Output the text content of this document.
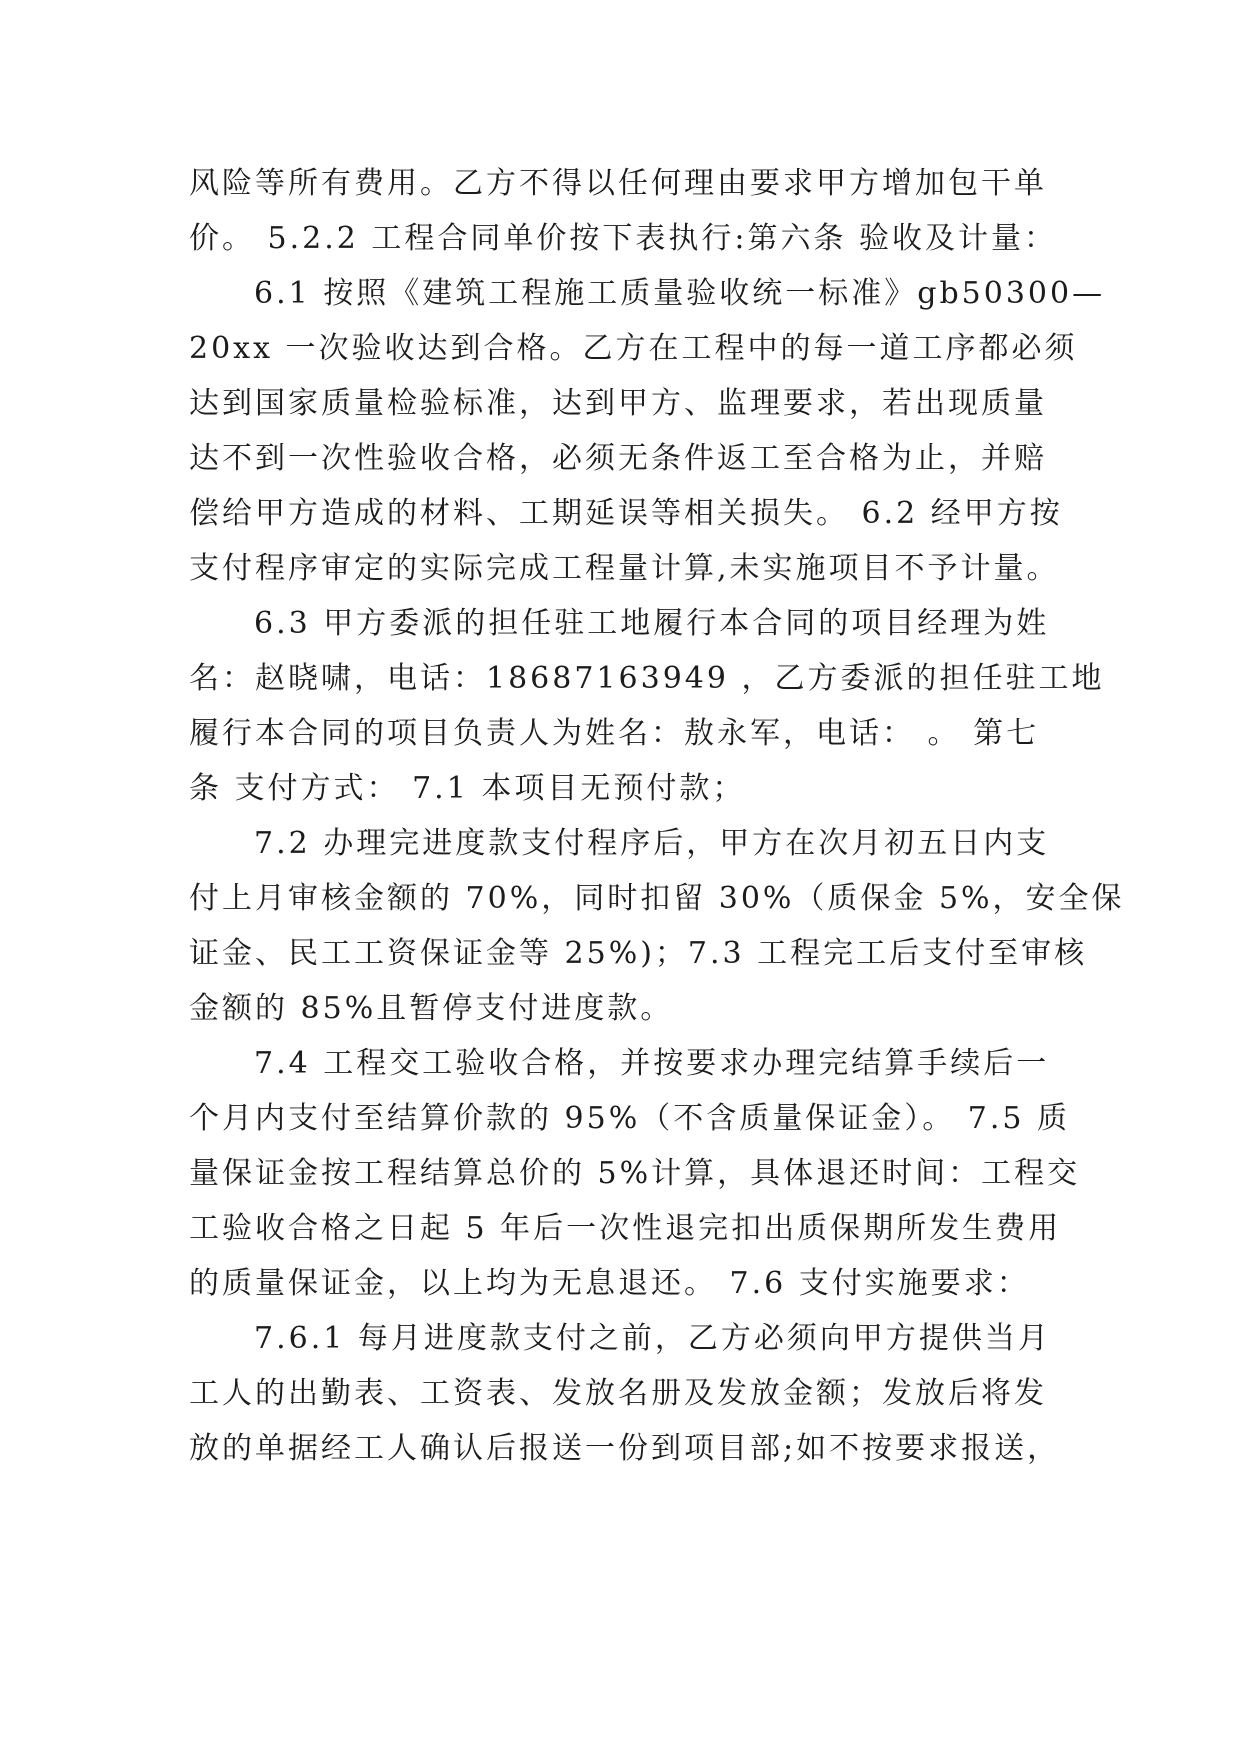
风险等所有费用。乙方不得以任何理由要求甲方增加包干单
价。 5.2.2 工程合同单价按下表执行:第六条 验收及计量：
6.1 按照《建筑工程施工质量验收统一标准》gb50300—
20xx 一次验收达到合格。乙方在工程中的每一道工序都必须
达到国家质量检验标准，达到甲方、监理要求，若出现质量
达不到一次性验收合格，必须无条件返工至合格为止，并赔
偿给甲方造成的材料、工期延误等相关损失。 6.2 经甲方按
支付程序审定的实际完成工程量计算,未实施项目不予计量。
6.3 甲方委派的担任驻工地履行本合同的项目经理为姓
名：赵晓啸，电话：18687163949 ，乙方委派的担任驻工地
履行本合同的项目负责人为姓名：敖永军，电话： 。 第七
条 支付方式： 7.1 本项目无预付款；
7.2 办理完进度款支付程序后，甲方在次月初五日内支
付上月审核金额的 70%，同时扣留 30%（质保金 5%，安全保
证金、民工工资保证金等 25%)；7.3 工程完工后支付至审核
金额的 85%且暂停支付进度款。
7.4 工程交工验收合格，并按要求办理完结算手续后一
个月内支付至结算价款的 95%（不含质量保证金）。 7.5 质
量保证金按工程结算总价的 5%计算，具体退还时间：工程交
工验收合格之日起 5 年后一次性退完扣出质保期所发生费用
的质量保证金，以上均为无息退还。 7.6 支付实施要求：
7.6.1 每月进度款支付之前，乙方必须向甲方提供当月
工人的出勤表、工资表、发放名册及发放金额；发放后将发
放的单据经工人确认后报送一份到项目部;如不按要求报送，
